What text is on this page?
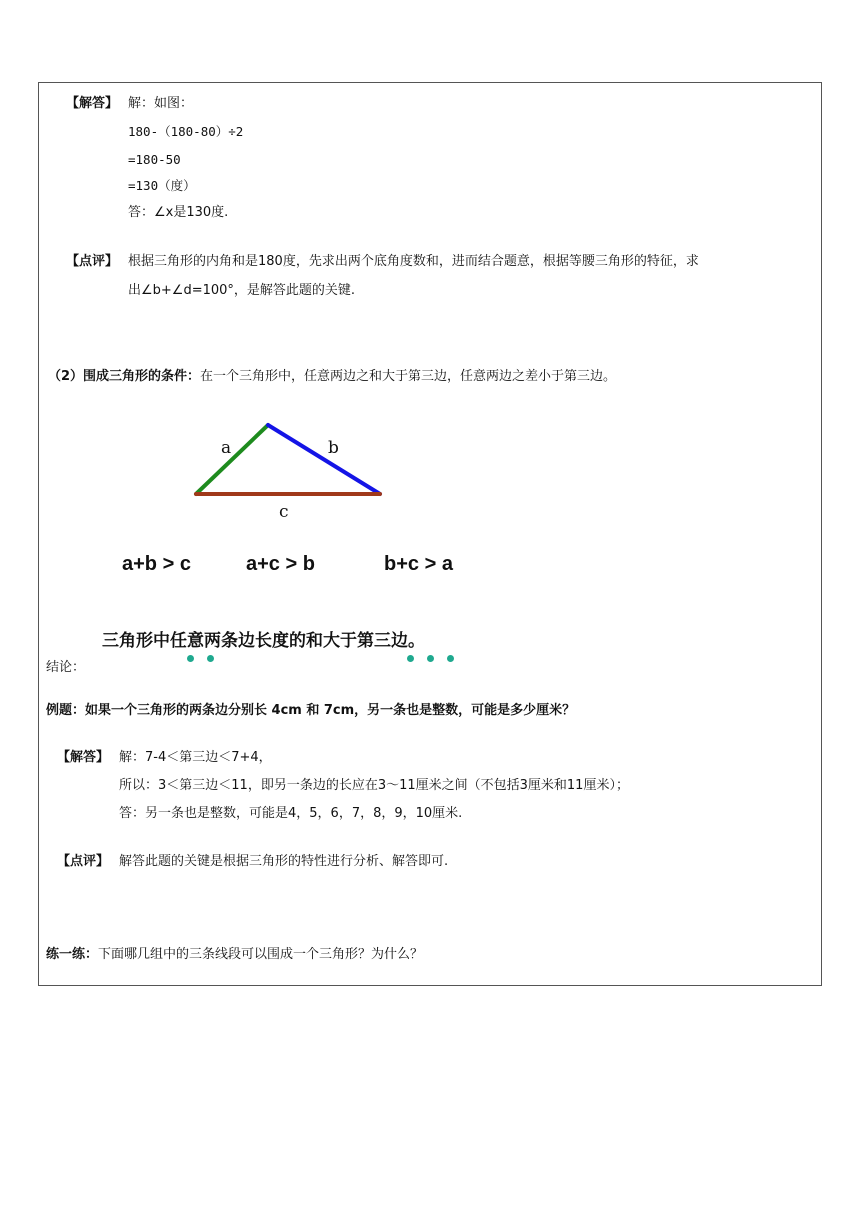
【解答】 解：如图：
180-（180-80）÷2
=180-50
=130（度）
答：∠x是130度.
【点评】 根据三角形的内角和是180度，先求出两个底角度数和，进而结合题意，根据等腰三角形的特征，求
出∠b+∠d=100°，是解答此题的关键.
（2）围成三角形的条件：在一个三角形中，任意两边之和大于第三边，任意两边之差小于第三边。
a	b
c
a+b > c	a+c > b	b+c > a
三角形中任意两条边长度的和大于第三边。
结论：
例题：如果一个三角形的两条边分别长 4cm 和 7cm，另一条也是整数，可能是多少厘米？
【解答】 解：7-4＜第三边＜7+4，
所以：3＜第三边＜11，即另一条边的长应在3～11厘米之间（不包括3厘米和11厘米）；
答：另一条也是整数，可能是4，5，6，7，8，9，10厘米.
【点评】 解答此题的关键是根据三角形的特性进行分析、解答即可.
练一练：下面哪几组中的三条线段可以围成一个三角形？为什么？
